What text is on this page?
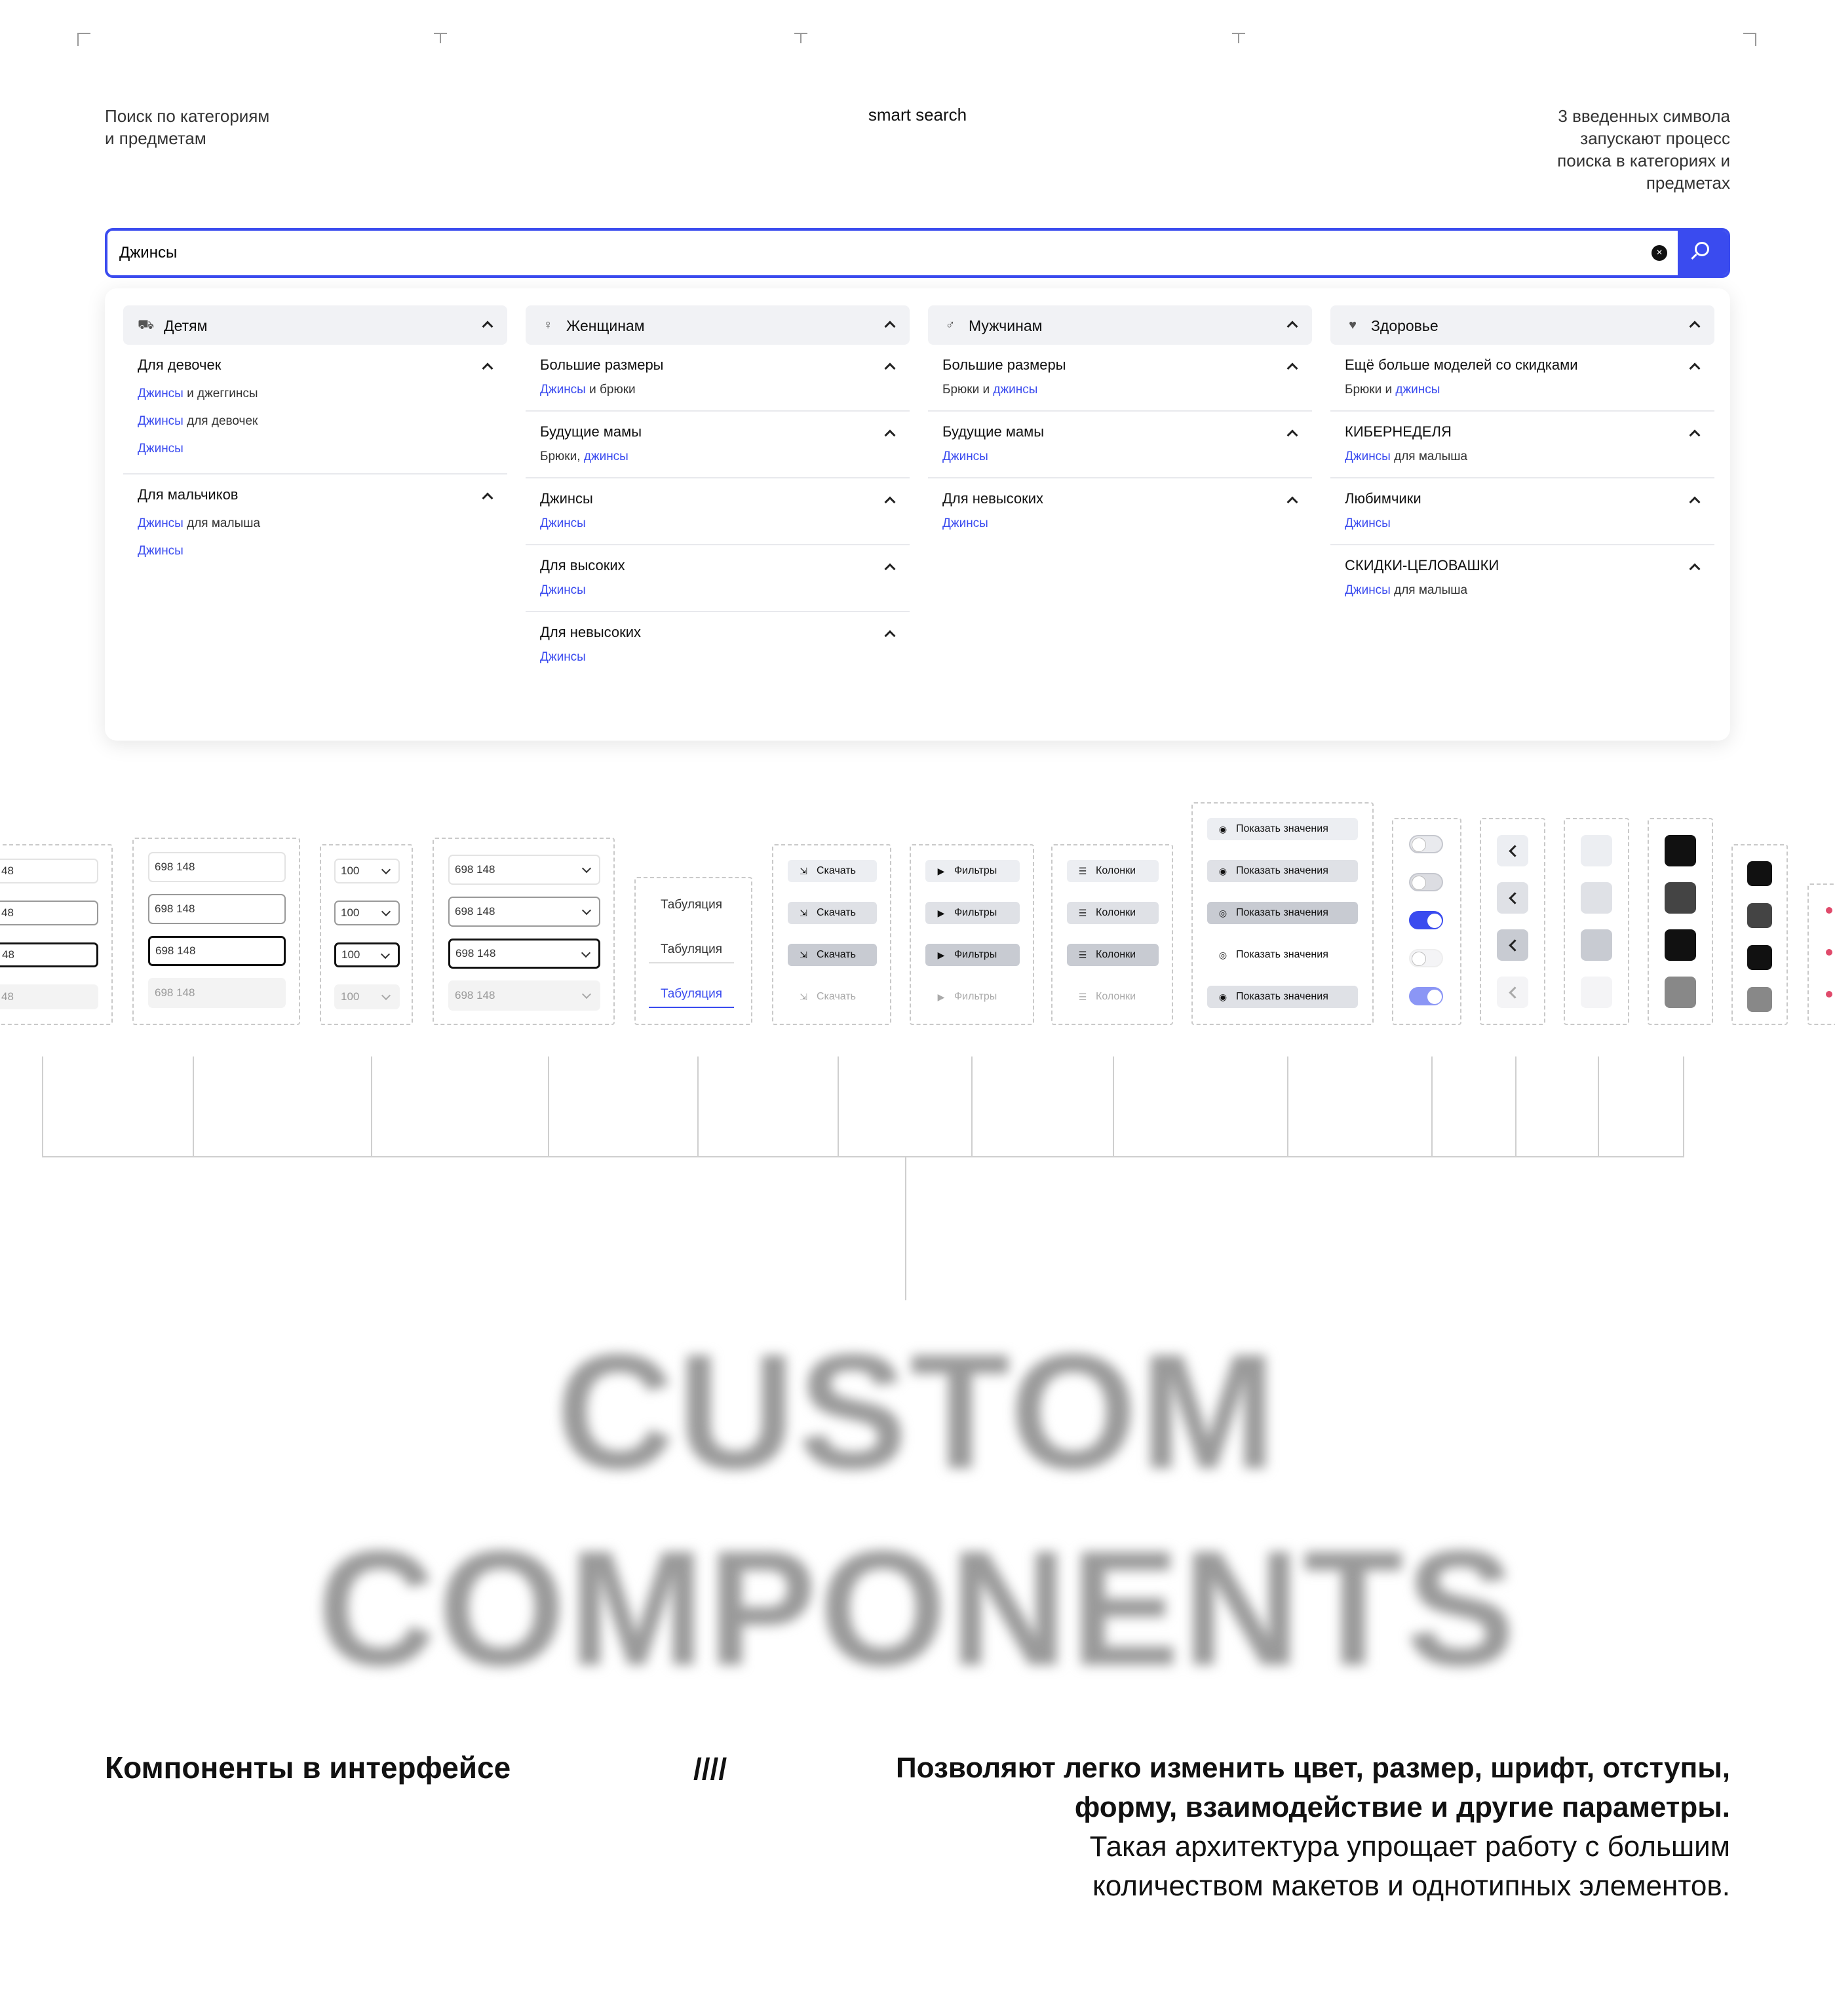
Поиск по категориям
и предметам
smart search	3 введенных символа
запускают процесс
поиска в категориях и
предметах
Джинсы
×
⛟ Детям
Для девочек
Джинсы и джеггинсы
Джинсы для девочек
Джинсы
Для мальчиков
Джинсы для малыша
Джинсы
♀ Женщинам
Большие размеры
Джинсы и брюки
Будущие мамы
Брюки, джинсы
Джинсы
Джинсы
Для высоких
Джинсы
Для невысоких
Джинсы
♂ Мужчинам
Большие размеры
Брюки и джинсы
Будущие мамы
Джинсы
Для невысоких
Джинсы
♥ Здоровье
Ещё больше моделей со скидками
Брюки и джинсы
КИБЕРНЕДЕЛЯ
Джинсы для малыша
Любимчики
Джинсы
СКИДКИ-ЦЕЛОВАШКИ
Джинсы для малыша
48
48
48
48
698 148
698 148
698 148
698 148
100
100
100
100
698 148
698 148
698 148
698 148
Табуляция
Табуляция
Табуляция
⇲ Скачать
⇲ Скачать
⇲ Скачать
⇲ Скачать
▶ Фильтры
▶ Фильтры
▶ Фильтры
▶ Фильтры
☰ Колонки
☰ Колонки
☰ Колонки
☰ Колонки
◉ Показать значения
◉ Показать значения
◎ Показать значения
◎ Показать значения
◉ Показать значения
CUSTOM
COMPONENTS
Компоненты в интерфейсе	////	Позволяют легко изменить цвет, размер, шрифт, отступы,
форму, взаимодействие и другие параметры.
Такая архитектура упрощает работу с большим
количеством макетов и однотипных элементов.
